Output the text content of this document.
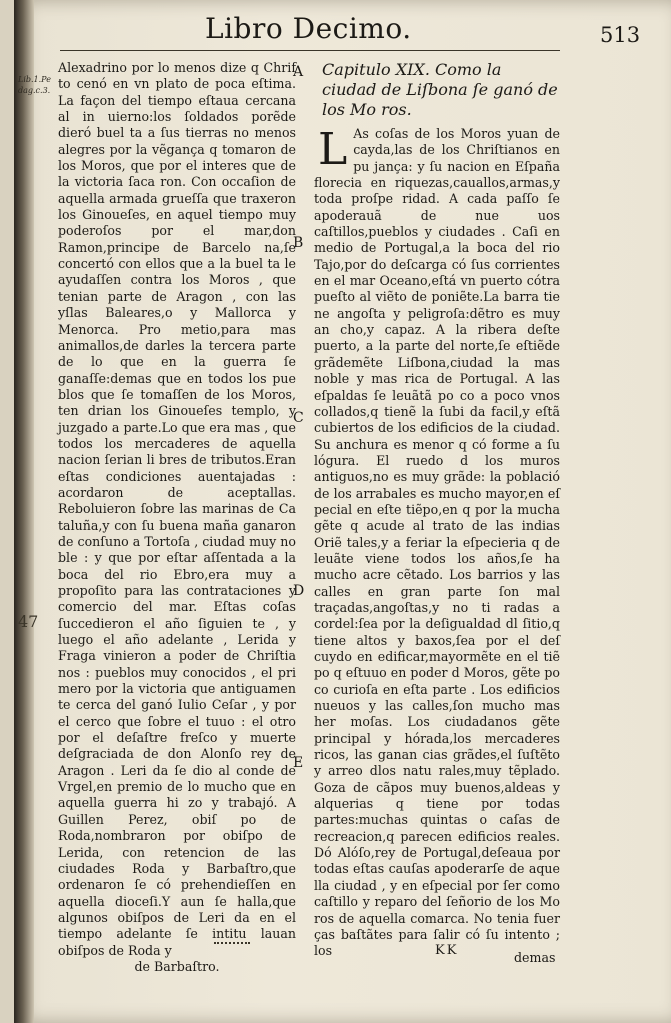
Libro Decimo.	513
Lib.1.Pe dag.c.3.
47

Alexadrino por lo menos dize q Chrif to cenó en vn plato de poca eſtima. La façon del tiempo eſtaua cercana al in uierno:los ſoldados porẽde dieró buel ta a ſus tierras no menos alegres por la vẽgança q tomaron de los Moros, que por el interes que de la victoria ſaca ron. Con occaſion de aquella armada grueſſa que traxeron los Ginoueſes, en aquel tiempo muy poderoſos por el mar,don Ramon,principe de Barcelo na,ſe concertó con ellos que a la buel ta le ayudaſſen contra los Moros , que tenian parte de Aragon , con las yſlas Baleares,o y Mallorca y Menorca. Pro metio,para mas animallos,de darles la tercera parte de lo que en la guerra ſe ganaſſe:demas que en todos los pue blos que ſe tomaſſen de los Moros, ten drian los Ginoueſes templo, y juzgado a parte.Lo que era mas , que todos los mercaderes de aquella nacion ſerian li bres de tributos.Eran eſtas condiciones auentajadas : acordaron de aceptallas. Reboluieron ſobre las marinas de Ca taluña,y con ſu buena maña ganaron de conſuno a Tortoſa , ciudad muy no ble : y que por eſtar aſſentada a la boca del rio Ebro,era muy a propoſito para las contrataciones y comercio del mar. Eſtas coſas ſuccedieron el año ſiguien te , y luego el año adelante , Lerida y Fraga vinieron a poder de Chriſtia nos : pueblos muy conocidos , el pri mero por la victoria que antiguamen te cerca del ganó Iulio Ceſar , y por el cerco que ſobre el tuuo : el otro por el deſaſtre freſco y muerte deſgraciada de don Alonſo rey de Aragon . Leri da ſe dio al conde de Vrgel,en premio de lo mucho que en aquella guerra hi zo y trabajó. A Guillen Perez, obiſ po de Roda,nombraron por obiſpo de Lerida, con retencion de las ciudades Roda y Barbaſtro,que ordenaron ſe có prehendieſſen en aquella dioceſi.Y aun ſe halla,que algunos obiſpos de Leri da en el tiempo adelante ſe intitu lauan obiſpos de Roda y

de Barbaſtro.
A
B
C
D
E
Capitulo XIX. Como la ciudad de Liſbona ſe ganó de los Mo ros.

L As coſas de los Moros yuan de cayda,las de los Chriſtianos en pu jança: y ſu nacion en Eſpaña florecia en riquezas,cauallos,armas,y toda proſpe ridad. A cada paſſo ſe apoderauã de nue uos caſtillos,pueblos y ciudades . Caſi en medio de Portugal,a la boca del rio Tajo,por do deſcarga có ſus corrientes en el mar Oceano,eſtá vn puerto cótra pueſto al viẽto de poniẽte.La barra tie ne angoſta y peligroſa:dẽtro es muy an cho,y capaz. A la ribera deſte puerto, a la parte del norte,ſe eſtiẽde grãdemẽte Liſbona,ciudad la mas noble y mas rica de Portugal. A las eſpaldas ſe leuãtã po co a poco vnos collados,q tienẽ la ſubi da facil,y eſtã cubiertos de los edificios de la ciudad. Su anchura es menor q có forme a ſu lógura. El ruedo d los muros antiguos,no es muy grãde: la població de los arrabales es mucho mayor,en eſ pecial en eſte tiẽpo,en q por la mucha gẽte q acude al trato de las indias Oriẽ tales,y a feriar la eſpecieria q de leuãte viene todos los años,ſe ha mucho acre cẽtado. Los barrios y las calles en gran parte ſon mal traçadas,angoſtas,y no ti radas a cordel:ſea por la deſigualdad dl ſitio,q tiene altos y baxos,ſea por el deſ cuydo en edificar,mayormẽte en el tiẽ po q eſtuuo en poder d Moros, gẽte po co curioſa en eſta parte . Los edificios nueuos y las calles,ſon mucho mas her moſas. Los ciudadanos gẽte principal y hórada,los mercaderes ricos, las ganan cias grãdes,el ſuſtẽto y arreo dlos natu rales,muy tẽplado. Goza de cãpos muy buenos,aldeas y alquerias q tiene por todas partes:muchas quintas o caſas de recreacion,q parecen edificios reales. Dó Alóſo,rey de Portugal,deſeaua por todas eſtas cauſas apoderarſe de aque lla ciudad , y en eſpecial por ſer como caſtillo y reparo del ſeñorio de los Mo ros de aquella comarca. No tenia fuer ças baſtãtes para ſalir có ſu intento ; los	KK	demas
